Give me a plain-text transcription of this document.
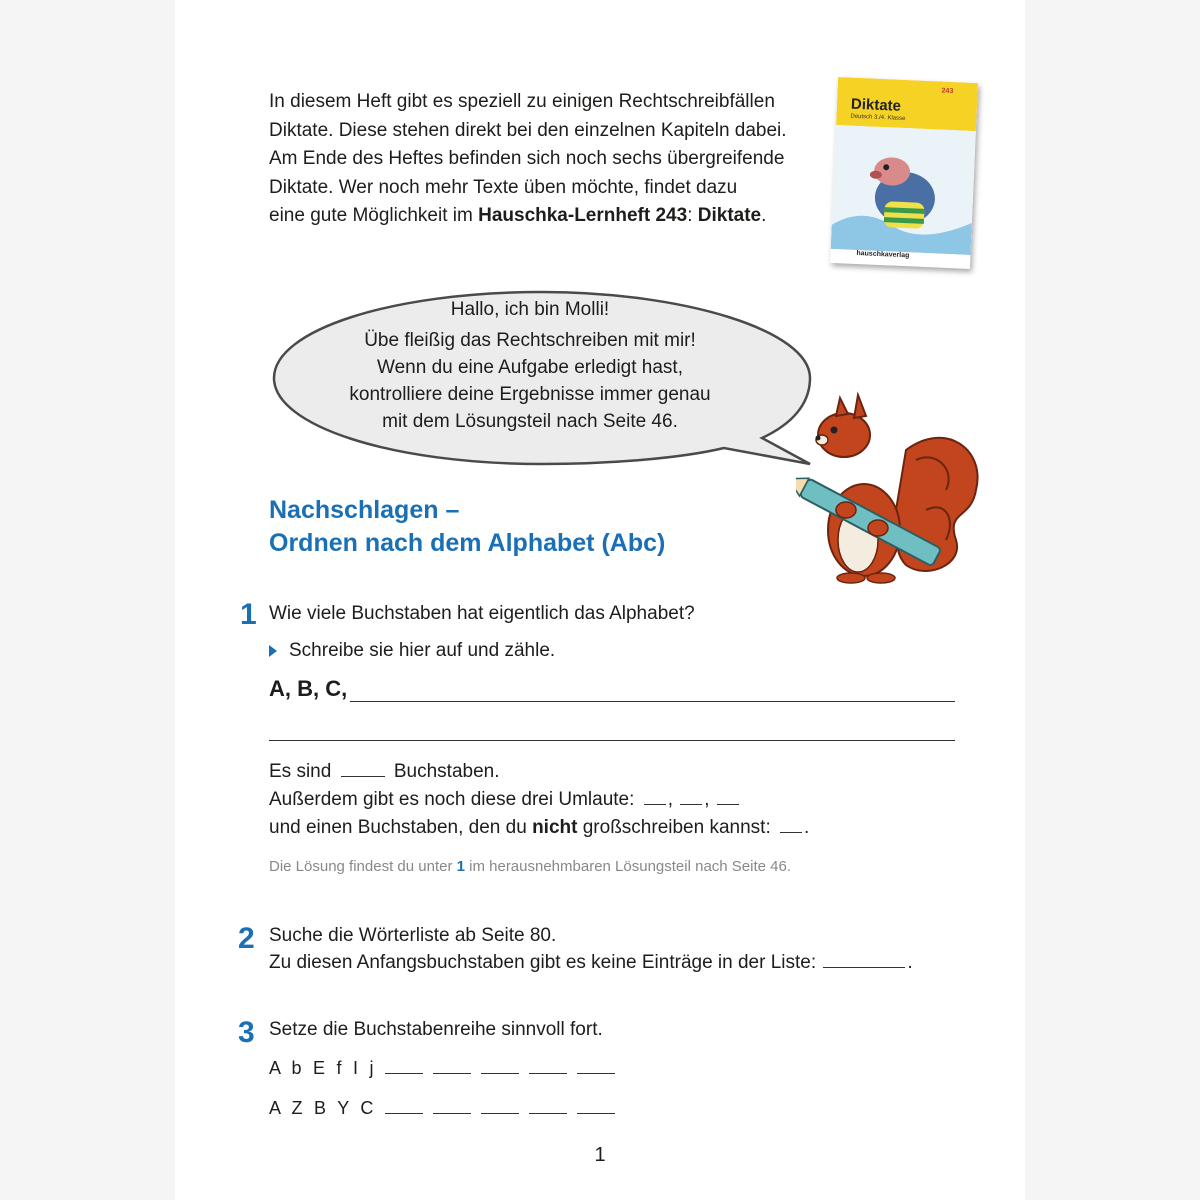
In diesem Heft gibt es speziell zu einigen Rechtschreibfällen

Diktate. Diese stehen direkt bei den einzelnen Kapiteln dabei.

Am Ende des Heftes befinden sich noch sechs übergreifende

Diktate. Wer noch mehr Texte üben möchte, findet dazu

eine gute Möglichkeit im Hauschka-Lernheft 243: Diktate.

243
Diktate
Deutsch 3./4. Klasse
hauschkaverlag
Hallo, ich bin Molli!
Übe fleißig das Rechtschreiben mit mir!
Wenn du eine Aufgabe erledigt hast,
kontrolliere deine Ergebnisse immer genau
mit dem Lösungsteil nach Seite 46.
Nachschlagen –
Ordnen nach dem Alphabet (Abc)
1 Wie viele Buchstaben hat eigentlich das Alphabet?
Schreibe sie hier auf und zähle.
A, B, C,
Es sind	Buchstaben.
Außerdem gibt es noch diese drei Umlaute: , ,
und einen Buchstaben, den du nicht großschreiben kannst: .
Die Lösung findest du unter 1 im herausnehmbaren Lösungsteil nach Seite 46.
2 Suche die Wörterliste ab Seite 80.
Zu diesen Anfangsbuchstaben gibt es keine Einträge in der Liste:	.
3 Setze die Buchstabenreihe sinnvoll fort.
A  b  E  f  I  j
A  Z  B  Y  C
1
